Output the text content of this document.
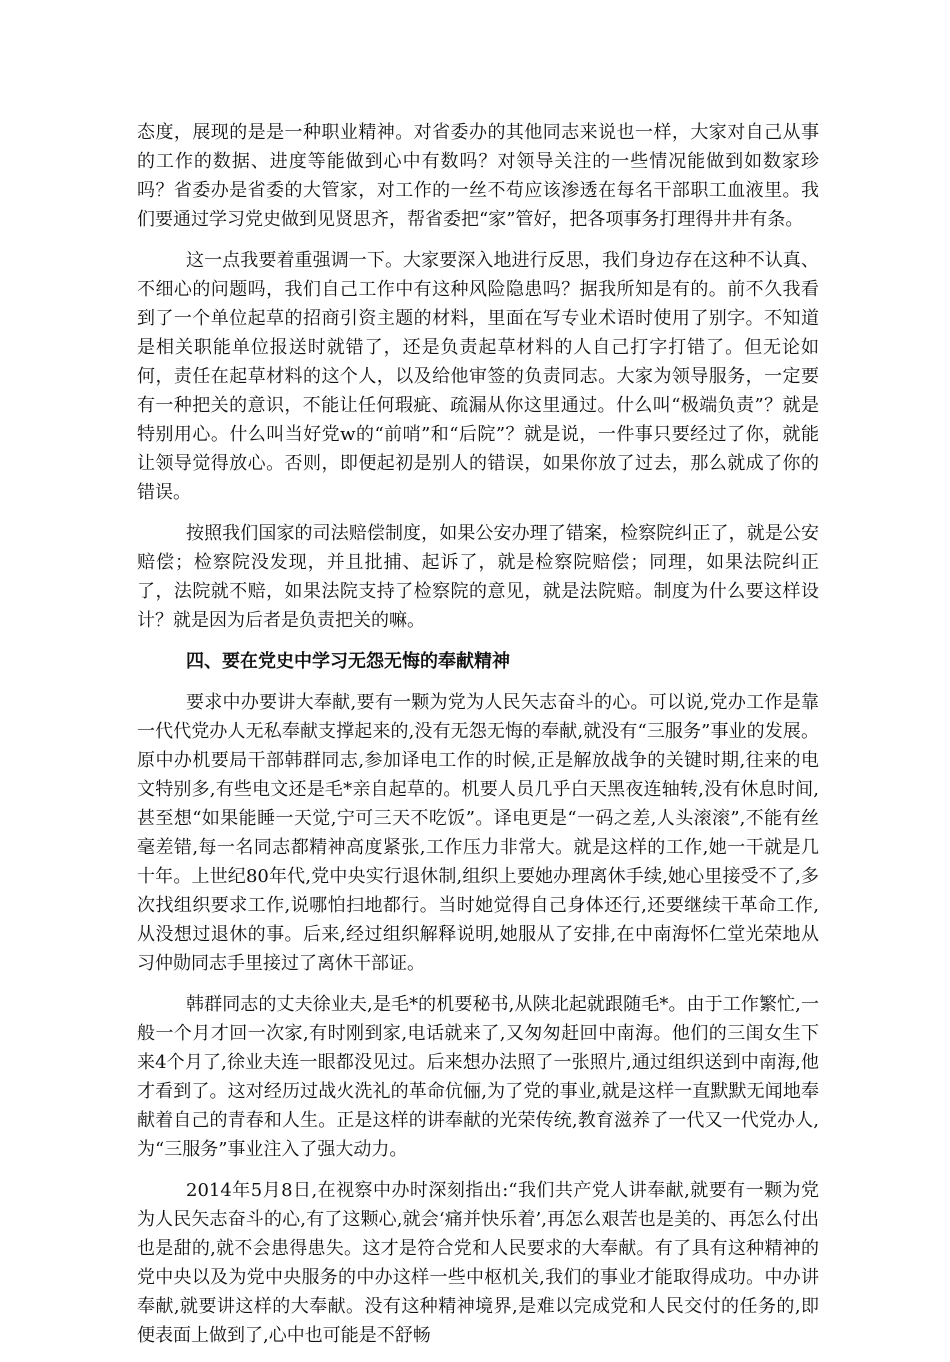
态度，展现的是是一种职业精神。对省委办的其他同志来说也一样，大家对自己从事的工作的数据、进度等能做到心中有数吗？对领导关注的一些情况能做到如数家珍吗？省委办是省委的大管家，对工作的一丝不苟应该渗透在每名干部职工血液里。我们要通过学习党史做到见贤思齐，帮省委把“家”管好，把各项事务打理得井井有条。

这一点我要着重强调一下。大家要深入地进行反思，我们身边存在这种不认真、不细心的问题吗，我们自己工作中有这种风险隐患吗？据我所知是有的。前不久我看到了一个单位起草的招商引资主题的材料，里面在写专业术语时使用了别字。不知道是相关职能单位报送时就错了，还是负责起草材料的人自己打字打错了。但无论如何，责任在起草材料的这个人，以及给他审签的负责同志。大家为领导服务，一定要有一种把关的意识，不能让任何瑕疵、疏漏从你这里通过。什么叫“极端负责”？就是特别用心。什么叫当好党w的“前哨”和“后院”？就是说，一件事只要经过了你，就能让领导觉得放心。否则，即便起初是别人的错误，如果你放了过去，那么就成了你的错误。

按照我们国家的司法赔偿制度，如果公安办理了错案，检察院纠正了，就是公安赔偿；检察院没发现，并且批捕、起诉了，就是检察院赔偿；同理，如果法院纠正了，法院就不赔，如果法院支持了检察院的意见，就是法院赔。制度为什么要这样设计？就是因为后者是负责把关的嘛。

四、要在党史中学习无怨无悔的奉献精神

要求中办要讲大奉献,要有一颗为党为人民矢志奋斗的心。可以说,党办工作是靠一代代党办人无私奉献支撑起来的,没有无怨无悔的奉献,就没有“三服务”事业的发展。原中办机要局干部韩群同志,参加译电工作的时候,正是解放战争的关键时期,往来的电文特别多,有些电文还是毛*亲自起草的。机要人员几乎白天黑夜连轴转,没有休息时间,甚至想“如果能睡一天觉,宁可三天不吃饭”。译电更是“一码之差,人头滚滚”,不能有丝毫差错,每一名同志都精神高度紧张,工作压力非常大。就是这样的工作,她一干就是几十年。上世纪80年代,党中央实行退休制,组织上要她办理离休手续,她心里接受不了,多次找组织要求工作,说哪怕扫地都行。当时她觉得自己身体还行,还要继续干革命工作,从没想过退休的事。后来,经过组织解释说明,她服从了安排,在中南海怀仁堂光荣地从习仲勋同志手里接过了离休干部证。

韩群同志的丈夫徐业夫,是毛*的机要秘书,从陕北起就跟随毛*。由于工作繁忙,一般一个月才回一次家,有时刚到家,电话就来了,又匆匆赶回中南海。他们的三闺女生下来4个月了,徐业夫连一眼都没见过。后来想办法照了一张照片,通过组织送到中南海,他才看到了。这对经历过战火洗礼的革命伉俪,为了党的事业,就是这样一直默默无闻地奉献着自己的青春和人生。正是这样的讲奉献的光荣传统,教育滋养了一代又一代党办人,为“三服务”事业注入了强大动力。

2014年5月8日,在视察中办时深刻指出:“我们共产党人讲奉献,就要有一颗为党为人民矢志奋斗的心,有了这颗心,就会‘痛并快乐着’,再怎么艰苦也是美的、再怎么付出也是甜的,就不会患得患失。这才是符合党和人民要求的大奉献。有了具有这种精神的党中央以及为党中央服务的中办这样一些中枢机关,我们的事业才能取得成功。中办讲奉献,就要讲这样的大奉献。没有这种精神境界,是难以完成党和人民交付的任务的,即便表面上做到了,心中也可能是不舒畅
